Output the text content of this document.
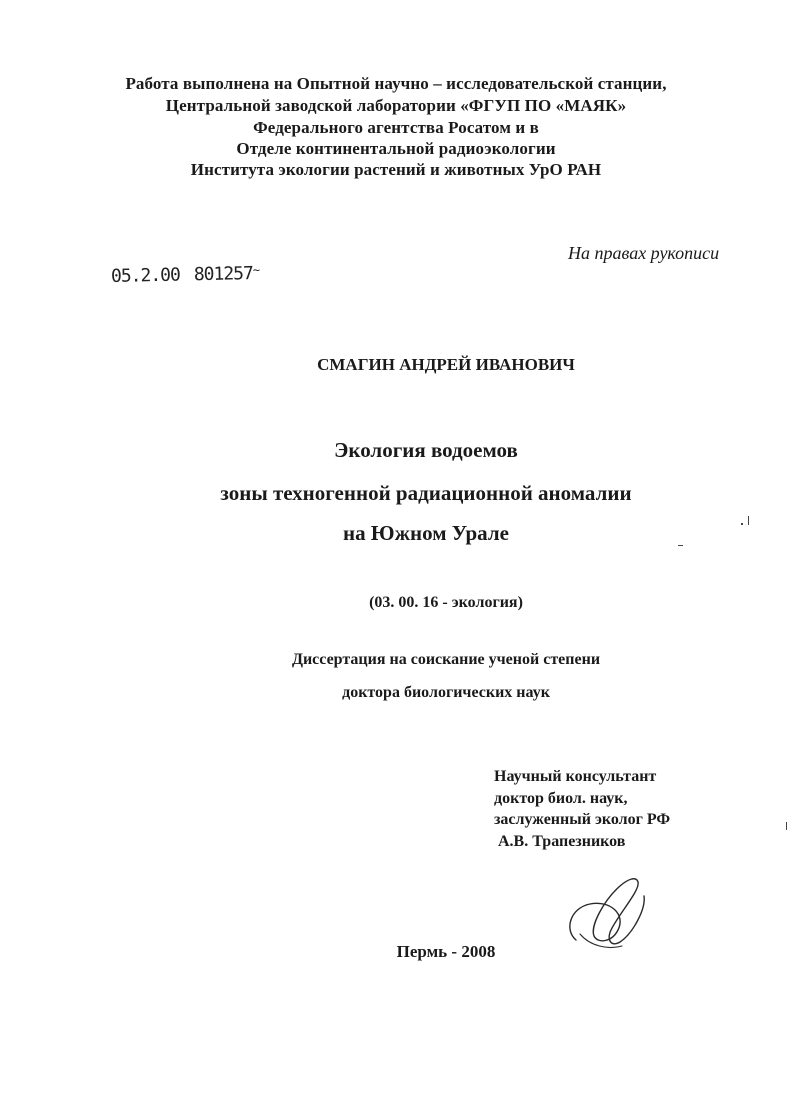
Работа выполнена на Опытной научно – исследовательской станции,
Центральной заводской лаборатории «ФГУП ПО «МАЯК»
Федерального агентства Росатом и в
Отделе континентальной радиоэкологии
Института экологии растений и животных УрО РАН
На правах рукописи
05.2.00 801257~
СМАГИН АНДРЕЙ ИВАНОВИЧ
Экология водоемов
зоны техногенной радиационной аномалии
на Южном Урале
(03. 00. 16 - экология)
Диссертация на соискание ученой степени
доктора биологических наук
Научный консультант
доктор биол. наук,
заслуженный эколог РФ
А.В. Трапезников
Пермь - 2008
